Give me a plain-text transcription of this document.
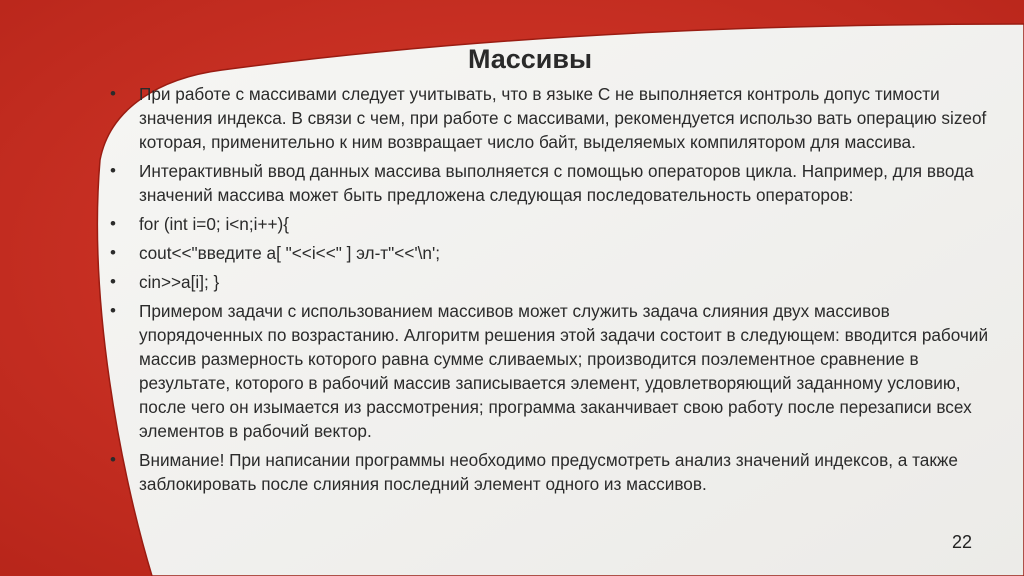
Массивы
• При работе с массивами следует учитывать, что в языке C не выполняется контроль допус тимости значения индекса. В связи с чем, при работе с массивами, рекомендуется использо вать операцию sizeof которая, применительно к ним возвращает число байт, выделяемых компилятором для массива.
• Интерактивный ввод данных массива выполняется с помощью операторов цикла. Например, для ввода значений массива может быть предложена следующая последовательность операторов:
• for (int i=0; i<n;i++){
• cout<<"введите a[ "<<i<<" ] эл-т"<<'\n';
• cin>>a[i]; }
• Примером задачи с использованием массивов может служить задача слияния двух массивов упорядоченных по возрастанию. Алгоритм решения этой задачи состоит в следующем: вводится рабочий массив размерность которого равна сумме сливаемых; производится поэлементное сравнение в результате, которого в рабочий массив записывается элемент, удовлетворяющий заданному условию, после чего он изымается из рассмотрения; программа заканчивает свою работу после перезаписи всех элементов в рабочий вектор.
• Внимание! При написании программы необходимо предусмотреть анализ значений индексов, а также заблокировать после слияния последний элемент одного из массивов.
22
